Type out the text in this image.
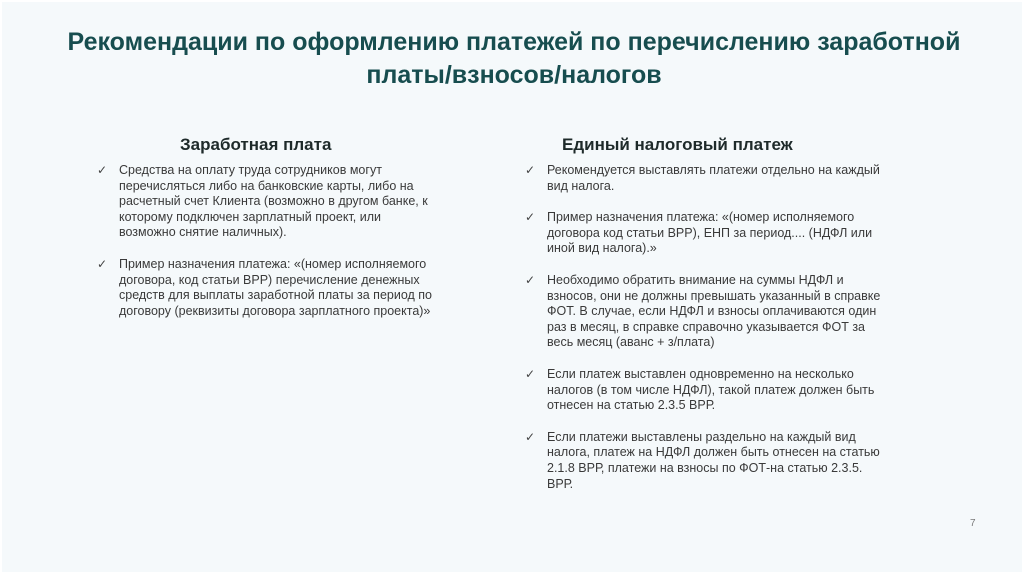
Рекомендации по оформлению платежей по перечислению заработной платы/взносов/налогов
Заработная плата
✓ Средства на оплату труда сотрудников могут перечисляться либо на банковские карты, либо на расчетный счет Клиента (возможно в другом банке, к которому подключен зарплатный проект, или возможно снятие наличных).
✓ Пример назначения платежа: «(номер исполняемого договора, код статьи ВРР) перечисление денежных средств для выплаты заработной платы за период по договору (реквизиты договора зарплатного проекта)»
Единый налоговый платеж
✓ Рекомендуется выставлять платежи отдельно на каждый вид налога.
✓ Пример назначения платежа: «(номер исполняемого договора код статьи ВРР), ЕНП за период.... (НДФЛ или иной вид налога).»
✓ Необходимо обратить внимание на суммы НДФЛ и взносов, они не должны превышать указанный в справке ФОТ. В случае, если НДФЛ и взносы оплачиваются один раз в месяц, в справке справочно указывается ФОТ за весь месяц (аванс + з/плата)
✓ Если платеж выставлен одновременно на несколько налогов (в том числе НДФЛ), такой платеж должен быть отнесен на статью 2.3.5 ВРР.
✓ Если платежи выставлены раздельно на каждый вид налога, платеж на НДФЛ должен быть отнесен на статью 2.1.8 ВРР, платежи на взносы по ФОТ-на статью 2.3.5. ВРР.
7
